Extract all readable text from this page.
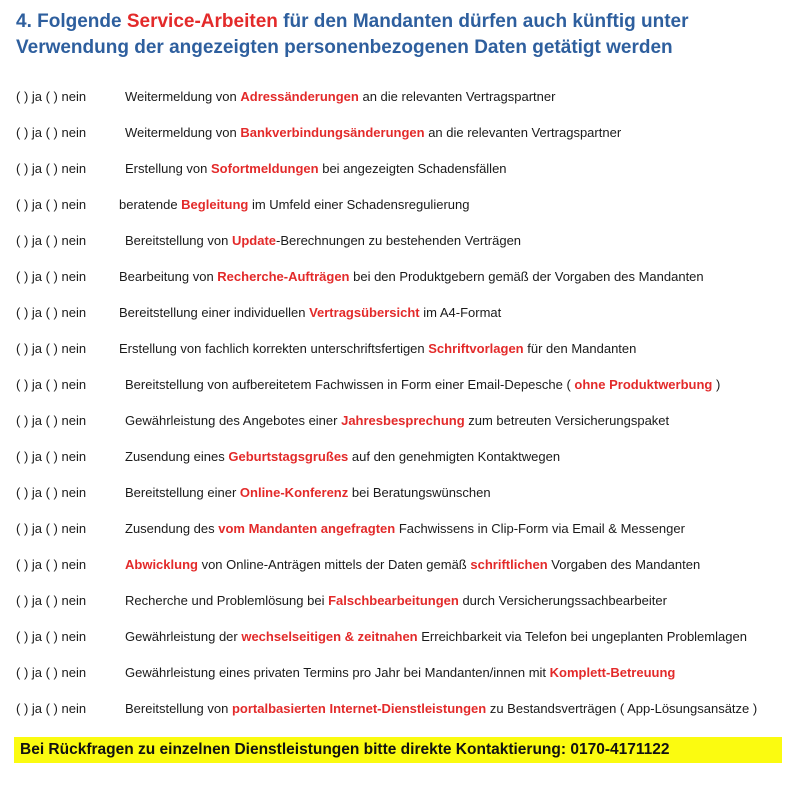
4. Folgende Service-Arbeiten für den Mandanten dürfen auch künftig unter
Verwendung der angezeigten personenbezogenen Daten getätigt werden
( ) ja ( ) nein	Weitermeldung von Adressänderungen an die relevanten Vertragspartner
( ) ja ( ) nein	Weitermeldung von Bankverbindungsänderungen an die relevanten Vertragspartner
( ) ja ( ) nein	Erstellung von Sofortmeldungen bei angezeigten Schadensfällen
( ) ja ( ) nein	beratende Begleitung im Umfeld einer Schadensregulierung
( ) ja ( ) nein	Bereitstellung von Update-Berechnungen zu bestehenden Verträgen
( ) ja ( ) nein	Bearbeitung von Recherche-Aufträgen bei den Produktgebern gemäß der Vorgaben des Mandanten
( ) ja ( ) nein	Bereitstellung einer individuellen Vertragsübersicht im A4-Format
( ) ja ( ) nein	Erstellung von fachlich korrekten unterschriftsfertigen Schriftvorlagen für den Mandanten
( ) ja ( ) nein	Bereitstellung von aufbereitetem Fachwissen in Form einer Email-Depesche ( ohne Produktwerbung )
( ) ja ( ) nein	Gewährleistung des Angebotes einer Jahresbesprechung zum betreuten Versicherungspaket
( ) ja ( ) nein	Zusendung eines Geburtstagsgrußes auf den genehmigten Kontaktwegen
( ) ja ( ) nein	Bereitstellung einer Online-Konferenz bei Beratungswünschen
( ) ja ( ) nein	Zusendung des vom Mandanten angefragten Fachwissens in Clip-Form via Email & Messenger
( ) ja ( ) nein	Abwicklung von Online-Anträgen mittels der Daten gemäß schriftlichen Vorgaben des Mandanten
( ) ja ( ) nein	Recherche und Problemlösung bei Falschbearbeitungen durch Versicherungssachbearbeiter
( ) ja ( ) nein	Gewährleistung der wechselseitigen & zeitnahen Erreichbarkeit via Telefon bei ungeplanten Problemlagen
( ) ja ( ) nein	Gewährleistung eines privaten Termins pro Jahr bei Mandanten/innen mit Komplett-Betreuung
( ) ja ( ) nein	Bereitstellung von portalbasierten Internet-Dienstleistungen zu Bestandsverträgen ( App-Lösungsansätze )
Bei Rückfragen zu einzelnen Dienstleistungen bitte direkte Kontaktierung: 0170-4171122
